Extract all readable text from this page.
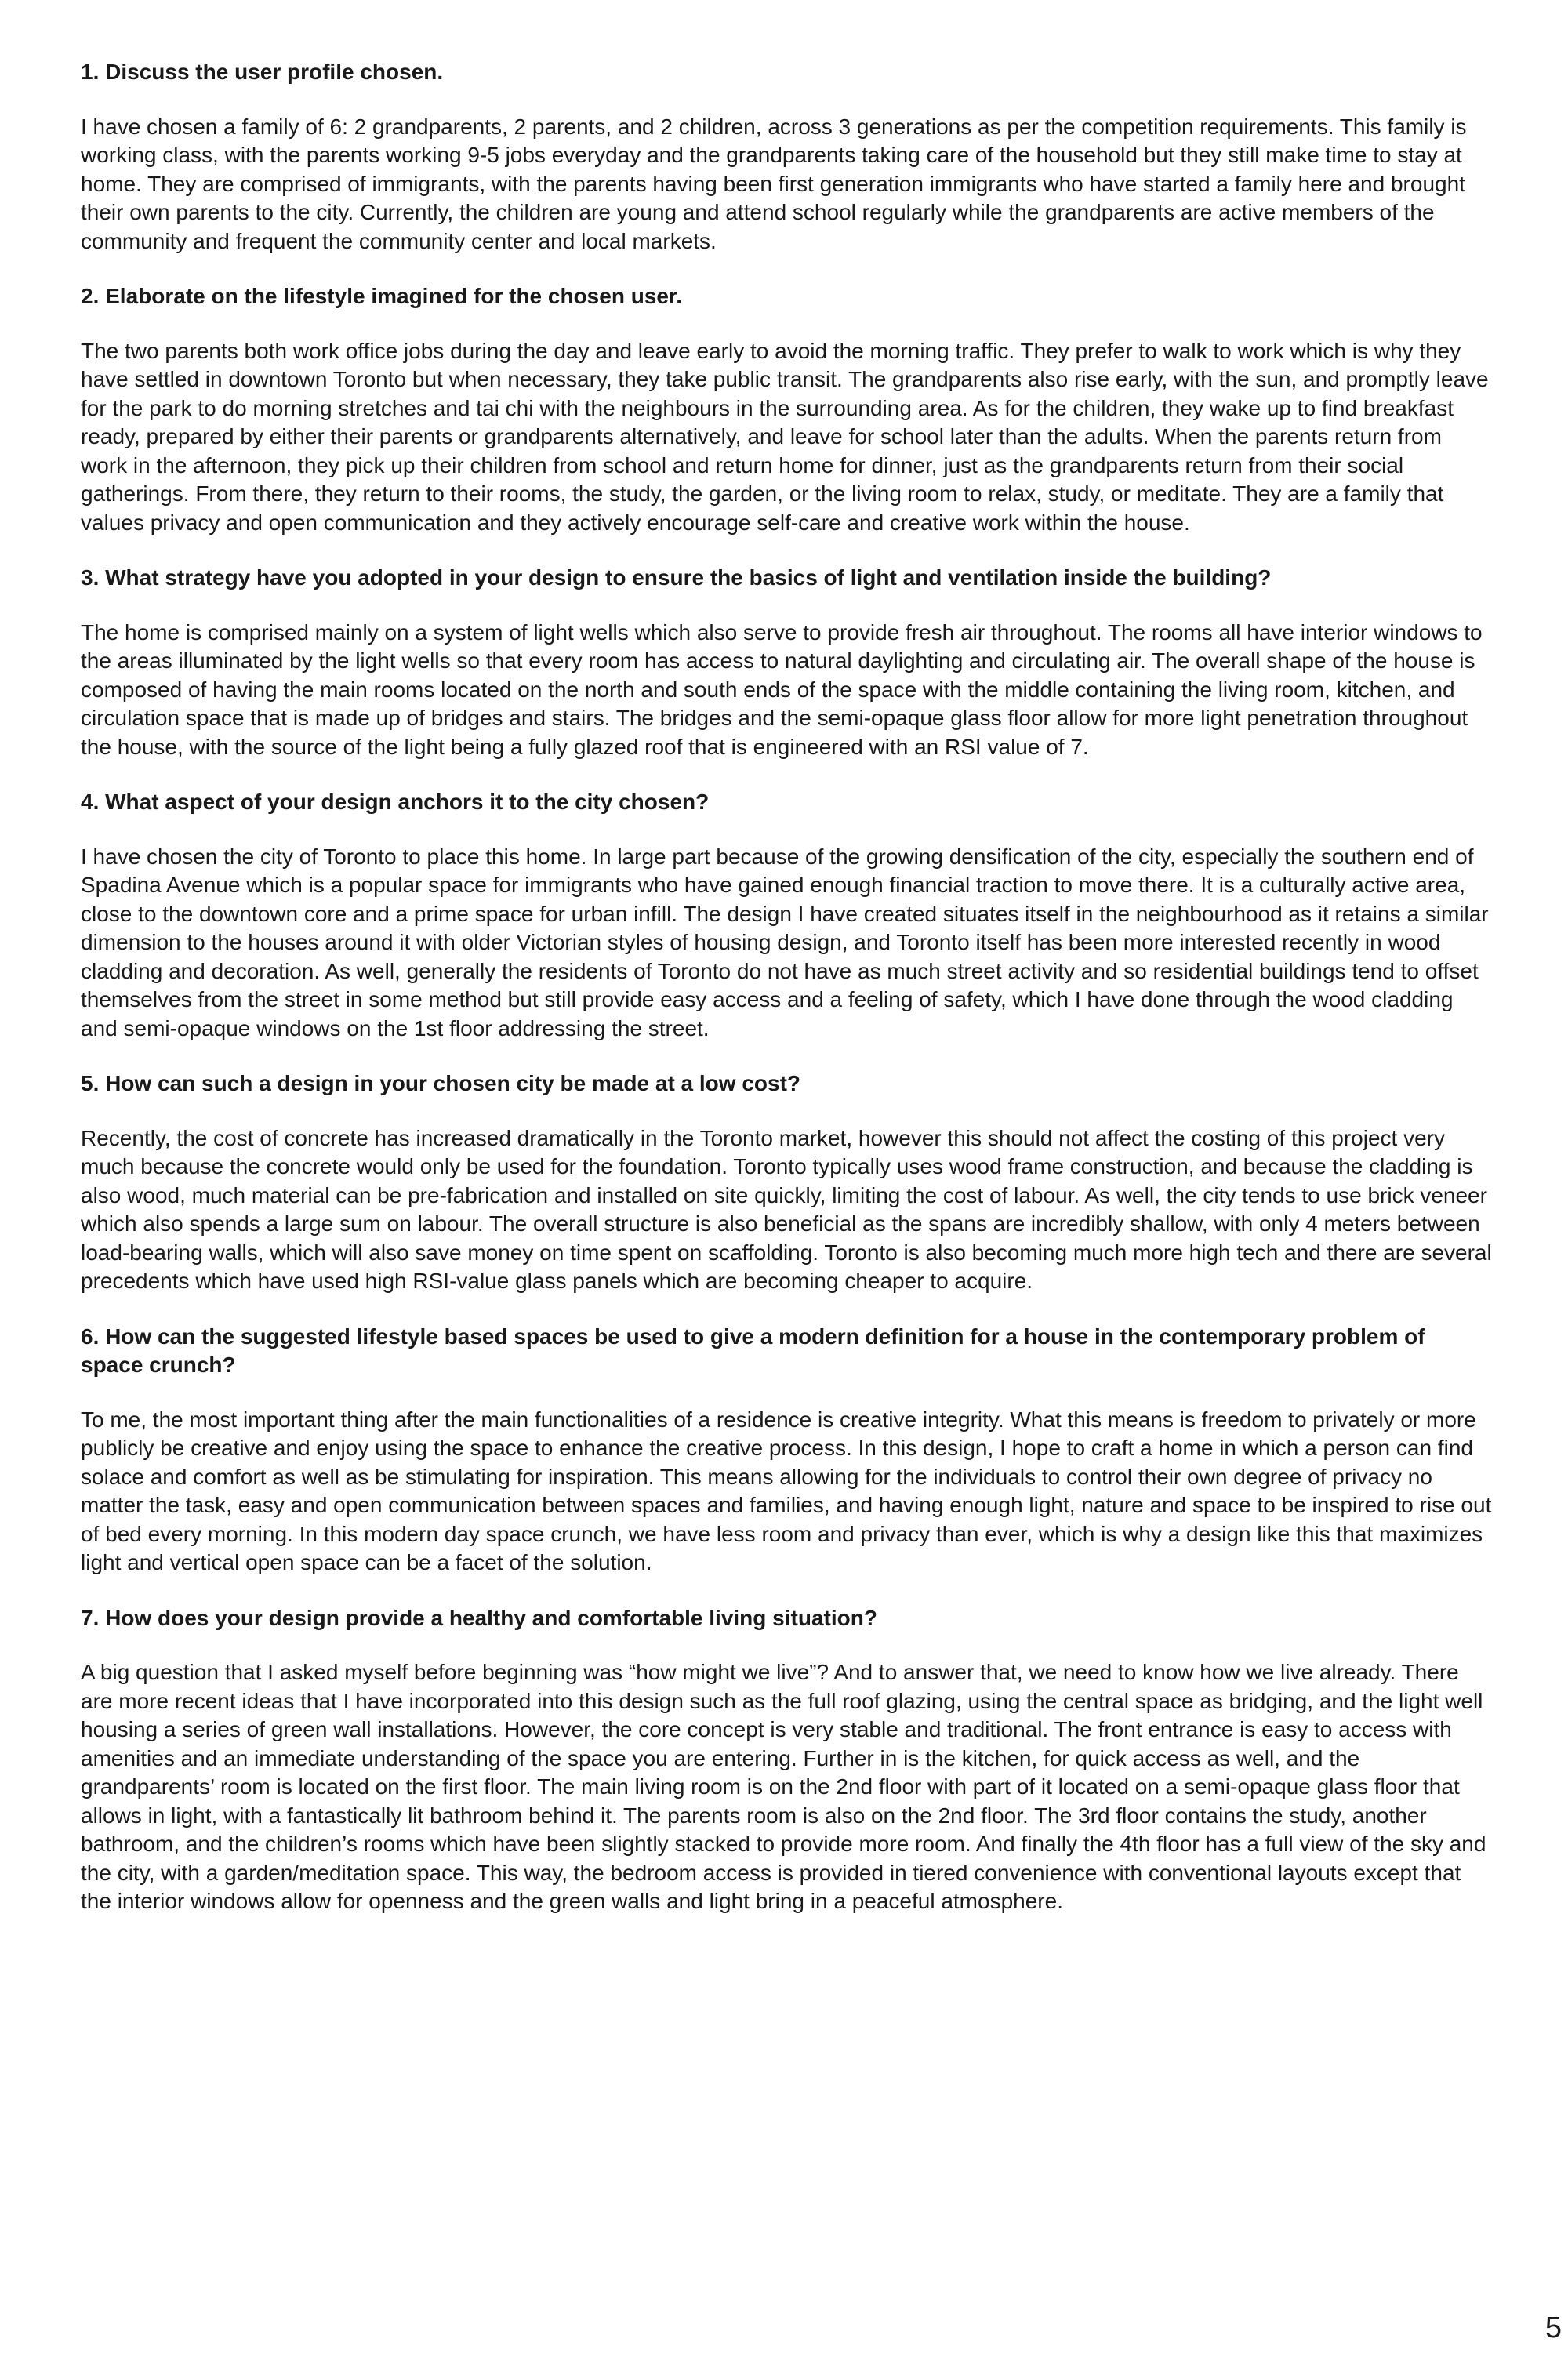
1. Discuss the user profile chosen.

I have chosen a family of 6: 2 grandparents, 2 parents, and 2 children, across 3 generations as per the competition requirements. This family is working class, with the parents working 9-5 jobs everyday and the grandparents taking care of the household but they still make time to stay at home. They are comprised of immigrants, with the parents having been first generation immigrants who have started a family here and brought their own parents to the city. Currently, the children are young and attend school regularly while the grandparents are active members of the community and frequent the community center and local markets.

2. Elaborate on the lifestyle imagined for the chosen user.

The two parents both work office jobs during the day and leave early to avoid the morning traffic. They prefer to walk to work which is why they have settled in downtown Toronto but when necessary, they take public transit. The grandparents also rise early, with the sun, and promptly leave for the park to do morning stretches and tai chi with the neighbours in the surrounding area. As for the children, they wake up to find breakfast ready, prepared by either their parents or grandparents alternatively, and leave for school later than the adults. When the parents return from work in the afternoon, they pick up their children from school and return home for dinner, just as the grandparents return from their social gatherings. From there, they return to their rooms, the study, the garden, or the living room to relax, study, or meditate. They are a family that values privacy and open communication and they actively encourage self-care and creative work within the house.

3. What strategy have you adopted in your design to ensure the basics of light and ventilation inside the building?

The home is comprised mainly on a system of light wells which also serve to provide fresh air throughout. The rooms all have interior windows to the areas illuminated by the light wells so that every room has access to natural daylighting and circulating air. The overall shape of the house is composed of having the main rooms located on the north and south ends of the space with the middle containing the living room, kitchen, and circulation space that is made up of bridges and stairs. The bridges and the semi-opaque glass floor allow for more light penetration throughout the house, with the source of the light being a fully glazed roof that is engineered with an RSI value of 7.

4. What aspect of your design anchors it to the city chosen?

I have chosen the city of Toronto to place this home. In large part because of the growing densification of the city, especially the southern end of Spadina Avenue which is a popular space for immigrants who have gained enough financial traction to move there. It is a culturally active area, close to the downtown core and a prime space for urban infill. The design I have created situates itself in the neighbourhood as it retains a similar dimension to the houses around it with older Victorian styles of housing design, and Toronto itself has been more interested recently in wood cladding and decoration. As well, generally the residents of Toronto do not have as much street activity and so residential buildings tend to offset themselves from the street in some method but still provide easy access and a feeling of safety, which I have done through the wood cladding and semi-opaque windows on the 1st floor addressing the street.

5. How can such a design in your chosen city be made at a low cost?

Recently, the cost of concrete has increased dramatically in the Toronto market, however this should not affect the costing of this project very much because the concrete would only be used for the foundation. Toronto typically uses wood frame construction, and because the cladding is also wood, much material can be pre-fabrication and installed on site quickly, limiting the cost of labour. As well, the city tends to use brick veneer which also spends a large sum on labour. The overall structure is also beneficial as the spans are incredibly shallow, with only 4 meters between load-bearing walls, which will also save money on time spent on scaffolding. Toronto is also becoming much more high tech and there are several precedents which have used high RSI-value glass panels which are becoming cheaper to acquire.

6. How can the suggested lifestyle based spaces be used to give a modern definition for a house in the contemporary problem of space crunch?

To me, the most important thing after the main functionalities of a residence is creative integrity. What this means is freedom to privately or more publicly be creative and enjoy using the space to enhance the creative process. In this design, I hope to craft a home in which a person can find solace and comfort as well as be stimulating for inspiration. This means allowing for the individuals to control their own degree of privacy no matter the task, easy and open communication between spaces and families, and having enough light, nature and space to be inspired to rise out of bed every morning. In this modern day space crunch, we have less room and privacy than ever, which is why a design like this that maximizes light and vertical open space can be a facet of the solution.

7. How does your design provide a healthy and comfortable living situation?

A big question that I asked myself before beginning was “how might we live”? And to answer that, we need to know how we live already. There are more recent ideas that I have incorporated into this design such as the full roof glazing, using the central space as bridging, and the light well housing a series of green wall installations. However, the core concept is very stable and traditional. The front entrance is easy to access with amenities and an immediate understanding of the space you are entering. Further in is the kitchen, for quick access as well, and the grandparents’ room is located on the first floor. The main living room is on the 2nd floor with part of it located on a semi-opaque glass floor that allows in light, with a fantastically lit bathroom behind it. The parents room is also on the 2nd floor. The 3rd floor contains the study, another bathroom, and the children’s rooms which have been slightly stacked to provide more room. And finally the 4th floor has a full view of the sky and the city, with a garden/meditation space. This way, the bedroom access is provided in tiered convenience with conventional layouts except that the interior windows allow for openness and the green walls and light bring in a peaceful atmosphere.

5
